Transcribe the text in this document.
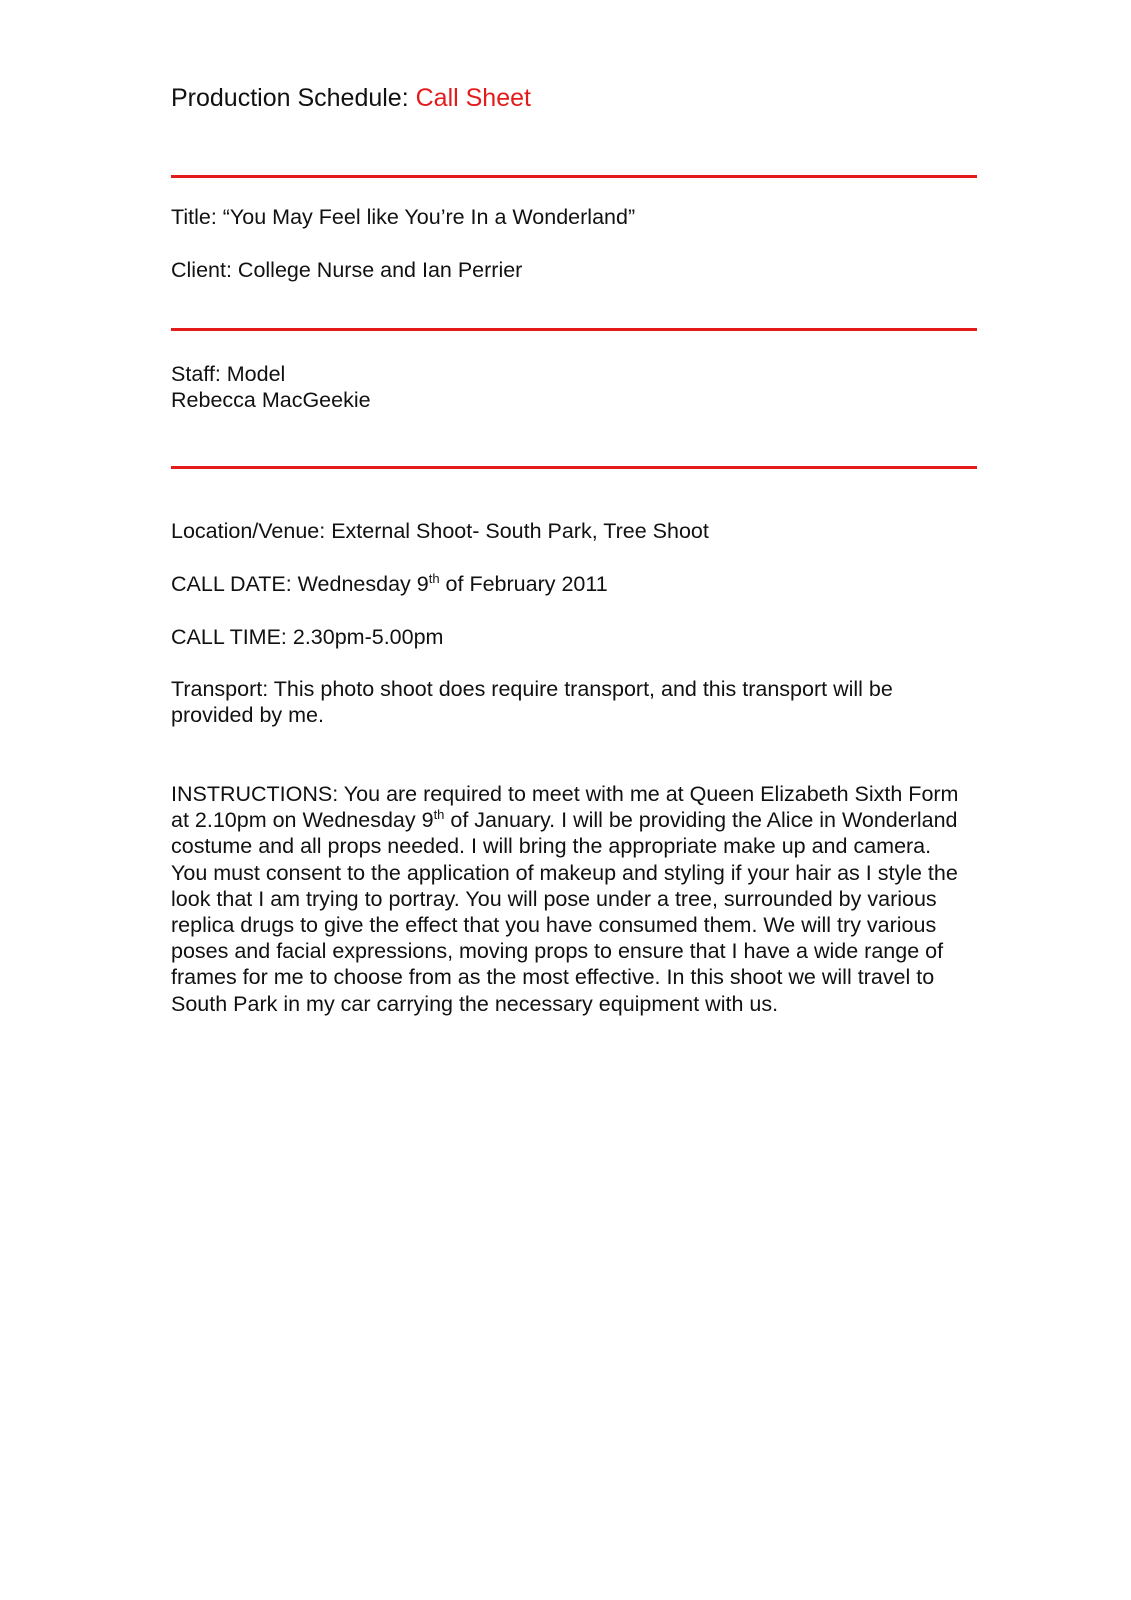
Production Schedule: Call Sheet
Title: “You May Feel like You’re In a Wonderland”
Client: College Nurse and Ian Perrier
Staff: Model
Rebecca MacGeekie
Location/Venue: External Shoot- South Park, Tree Shoot
CALL DATE: Wednesday 9th of February 2011
CALL TIME: 2.30pm-5.00pm
Transport: This photo shoot does require transport, and this transport will be provided by me.
INSTRUCTIONS: You are required to meet with me at Queen Elizabeth Sixth Form at 2.10pm on Wednesday 9th of January. I will be providing the Alice in Wonderland costume and all props needed. I will bring the appropriate make up and camera. You must consent to the application of makeup and styling if your hair as I style the look that I am trying to portray. You will pose under a tree, surrounded by various replica drugs to give the effect that you have consumed them. We will try various poses and facial expressions, moving props to ensure that I have a wide range of frames for me to choose from as the most effective. In this shoot we will travel to South Park in my car carrying the necessary equipment with us.
